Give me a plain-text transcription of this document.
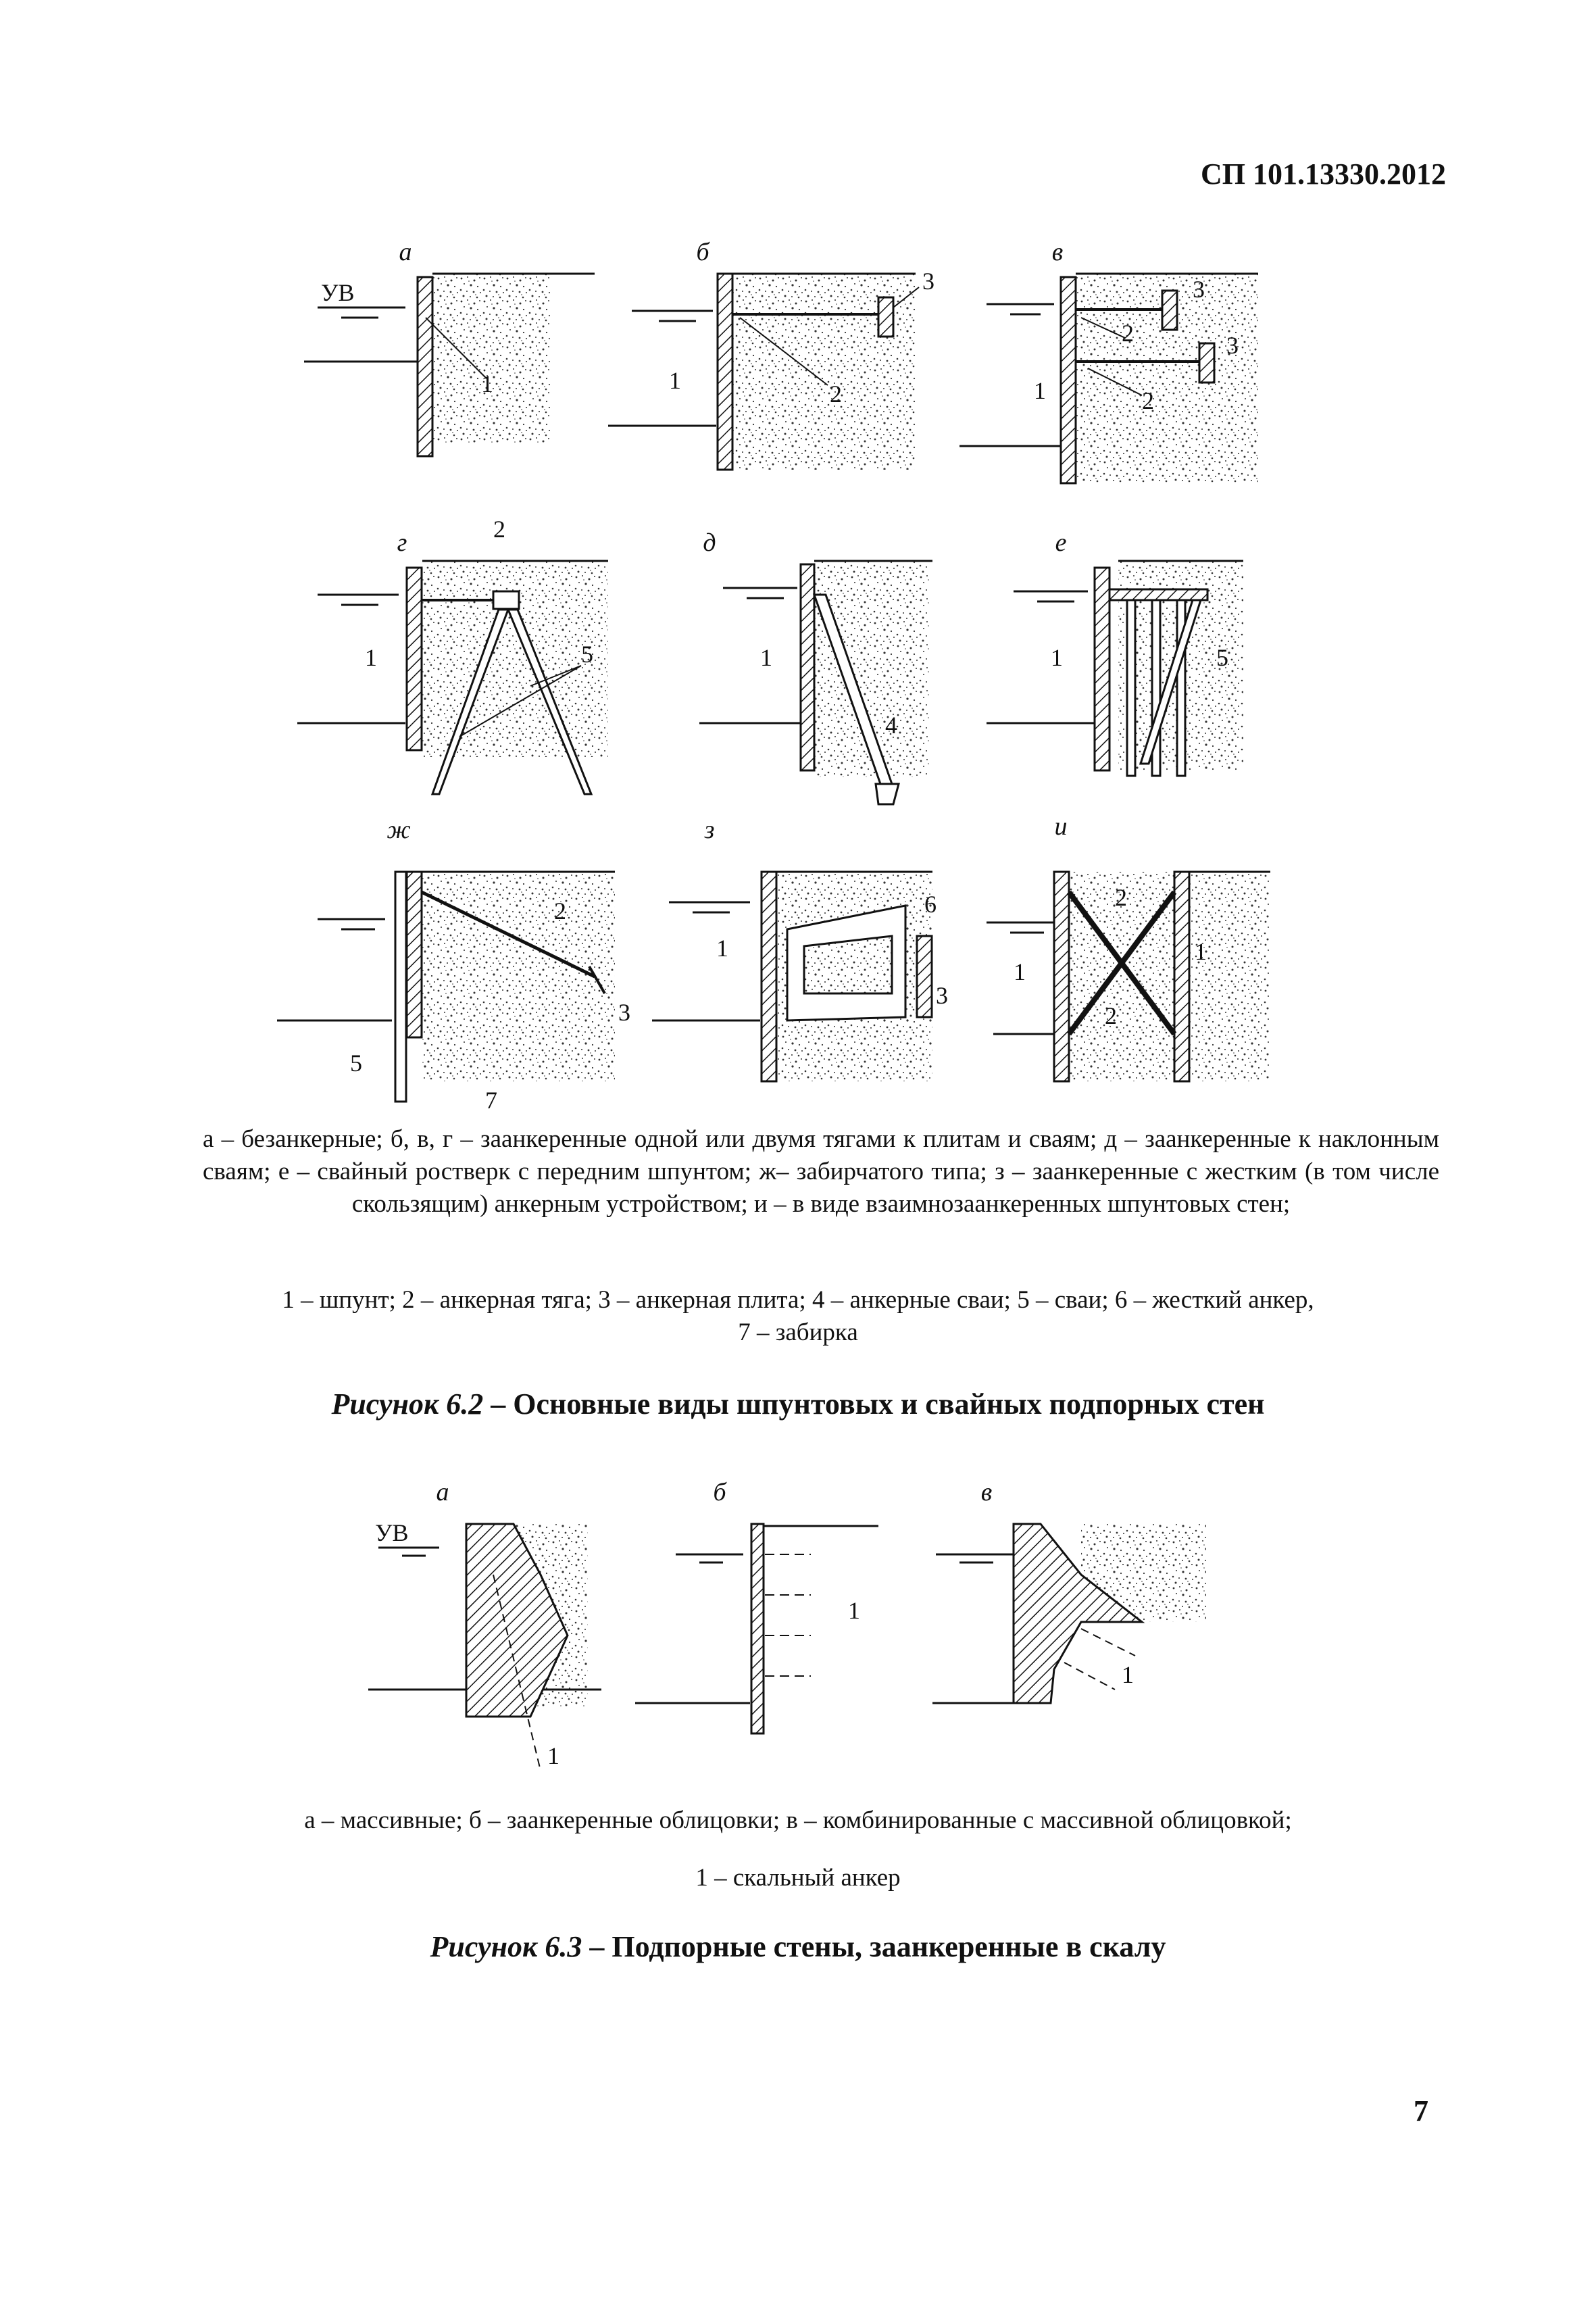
СП 101.13330.2012
а	б	в
г	д	е
ж	з	и
а	б	в
УВ
УВ
1	1	2
3
1
2
2
3
3
2
1	5	1
4
1	5
2
3
5
7
1
3
6
1
1
2
2
1
1
1
а – безанкерные; б, в, г – заанкеренные одной или двумя тягами к плитам и сваям; д – заанкеренные к наклонным сваям; е – свайный ростверк с передним шпунтом; ж– забирчатого типа; з – заанкеренные с жестким (в том числе скользящим) анкерным устройством; и – в виде взаимнозаанкеренных шпунтовых стен;
1 – шпунт; 2 – анкерная тяга; 3 – анкерная плита; 4 – анкерные сваи; 5 – сваи; 6 – жесткий анкер,
7 – забирка
Рисунок 6.2 – Основные виды шпунтовых и свайных подпорных стен
а – массивные; б – заанкеренные облицовки; в – комбинированные с массивной облицовкой;
1 – скальный анкер
Рисунок 6.3 – Подпорные стены, заанкеренные в скалу
7
